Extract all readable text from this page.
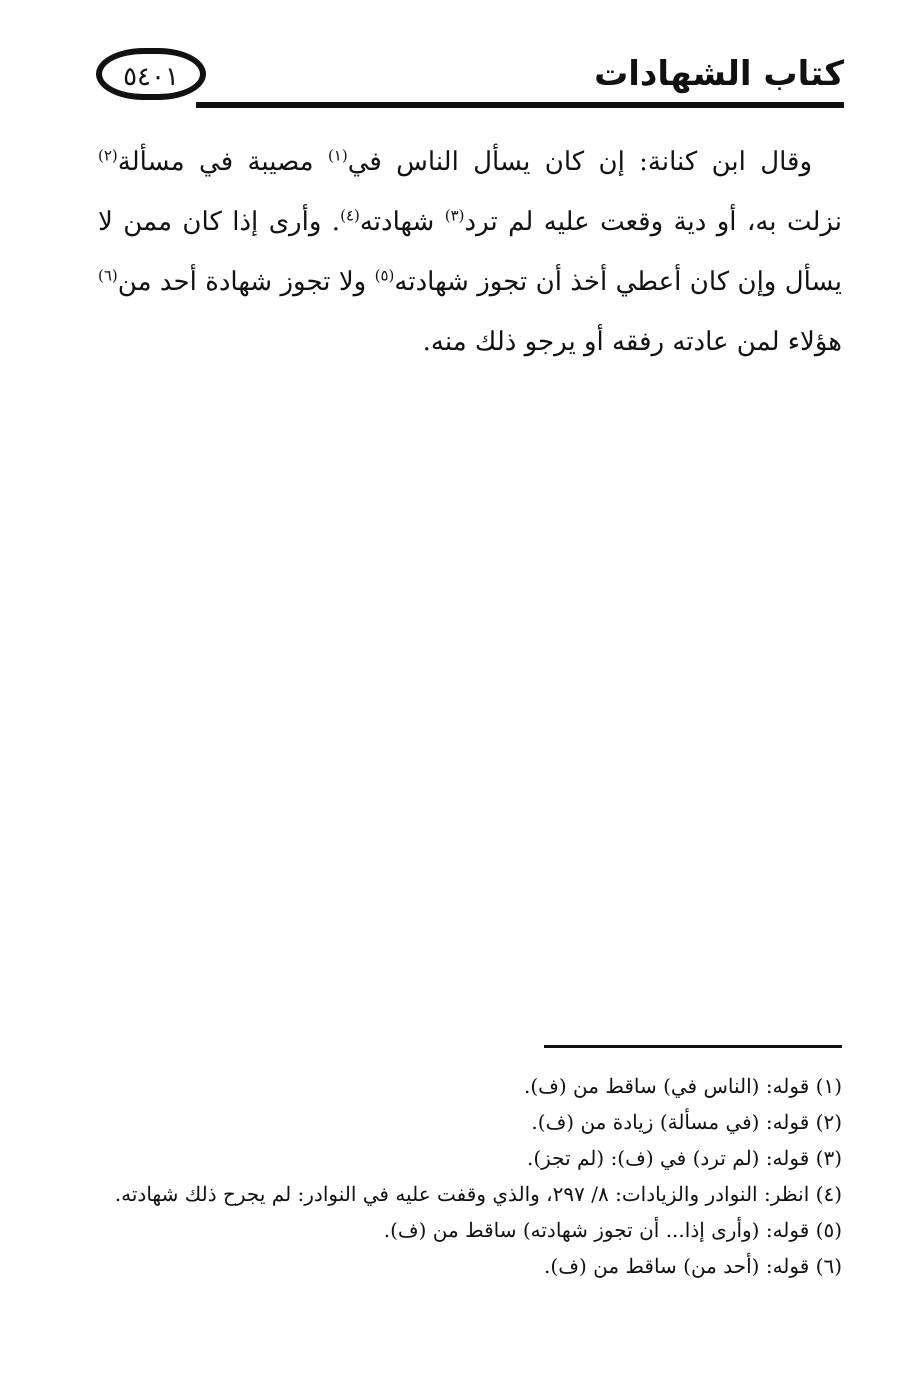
كتاب الشهادات
٥٤٠١

وقال ابن كنانة: إن كان يسأل الناس في$^{(١)}$ مصيبة في مسألة$^{(٢)}$ نزلت به، أو دية وقعت عليه لم ترد$^{(٣)}$ شهادته$^{(٤)}$. وأرى إذا كان ممن لا يسأل وإن كان أعطي أخذ أن تجوز شهادته$^{(٥)}$ ولا تجوز شهادة أحد من$^{(٦)}$ هؤلاء لمن عادته رفقه أو يرجو ذلك منه.

(١) قوله: (الناس في) ساقط من (ف).

(٢) قوله: (في مسألة) زيادة من (ف).

(٣) قوله: (لم ترد) في (ف): (لم تجز).

(٤) انظر: النوادر والزيادات: ٨/ ٢٩٧، والذي وقفت عليه في النوادر: لم يجرح ذلك شهادته.

(٥) قوله: (وأرى إذا... أن تجوز شهادته) ساقط من (ف).

(٦) قوله: (أحد من) ساقط من (ف).
